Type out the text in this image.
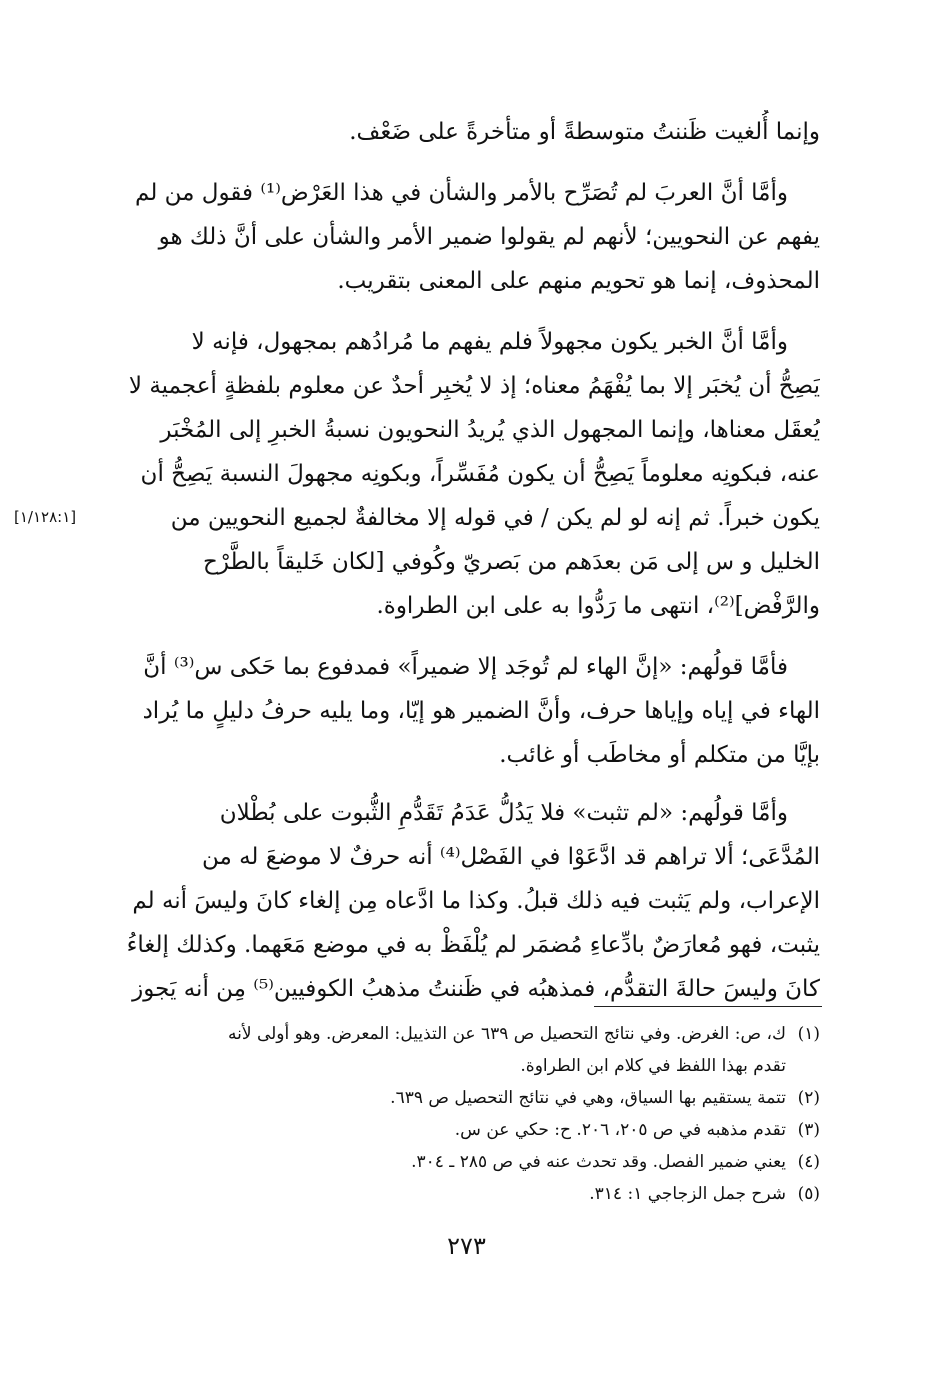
وإنما أُلغيت ظَننتُ متوسطةً أو متأخرةً على ضَعْف.

وأمَّا أنَّ العربَ لم تُصَرِّح بالأمر والشأن في هذا العَرْض⁽¹⁾ فقول من لم
يفهم عن النحويين؛ لأنهم لم يقولوا ضمير الأمر والشأن على أنَّ ذلك هو
المحذوف، إنما هو تحويم منهم على المعنى بتقريب.

وأمَّا أنَّ الخبر يكون مجهولاً فلم يفهم ما مُرادُهم بمجهول، فإنه لا
يَصِحُّ أن يُخبَر إلا بما يُفْهَمُ معناه؛ إذ لا يُخبِر أحدٌ عن معلوم بلفظةٍ أعجمية لا
يُعقَل معناها، وإنما المجهول الذي يُريدُ النحويون نسبةُ الخبرِ إلى المُخْبَر
عنه، فبكونِه معلوماً يَصِحُّ أن يكون مُفَسِّراً، وبكونِه مجهولَ النسبة يَصِحُّ أن
يكون خبراً. ثم إنه لو لم يكن / في قوله إلا مخالفةٌ لجميع النحويين من
الخليل و س إلى مَن بعدَهم من بَصريّ وكُوفي [لكان خَليقاً بالطَّرْح
والرَّفْض]⁽²⁾، انتهى ما رَدُّوا به على ابن الطراوة.

فأمَّا قولُهم: «إنَّ الهاء لم تُوجَد إلا ضميراً» فمدفوع بما حَكى س⁽³⁾ أنَّ
الهاء في إياه وإياها حرف، وأنَّ الضمير هو إيّا، وما يليه حرفُ دليلٍ ما يُراد
بإيَّا من متكلم أو مخاطَب أو غائب.

وأمَّا قولُهم: «لم تثبت» فلا يَدُلُّ عَدَمُ تَقَدُّمِ الثُّبوت على بُطْلان
المُدَّعَى؛ ألا تراهم قد ادَّعَوْا في الفَصْل⁽⁴⁾ أنه حرفٌ لا موضعَ له من
الإعراب، ولم يَثبت فيه ذلك قبلُ. وكذا ما ادَّعاه مِن إلغاء كانَ وليسَ أنه لم
يثبت، فهو مُعارَضٌ بادِّعاءِ مُضمَر لم يُلْفَظْ به في موضع مَعَهما. وكذلك إلغاءُ
كانَ وليسَ حالةَ التقدُّم، فمذهبُه في ظَننتُ مذهبُ الكوفيين⁽⁵⁾ مِن أنه يَجوز

[١/١٢٨:١]
(١)ك، ص: الغرض. وفي نتائج التحصيل ص ٦٣٩ عن التذييل: المعرض. وهو أولى لأنه
تقدم بهذا اللفظ في كلام ابن الطراوة.
(٢)تتمة يستقيم بها السياق، وهي في نتائج التحصيل ص ٦٣٩.
(٣)تقدم مذهبه في ص ٢٠٥، ٢٠٦. ح: حكي عن س.
(٤)يعني ضمير الفصل. وقد تحدث عنه في ص ٢٨٥ ـ ٣٠٤.
(٥)شرح جمل الزجاجي ١: ٣١٤.
٢٧٣
